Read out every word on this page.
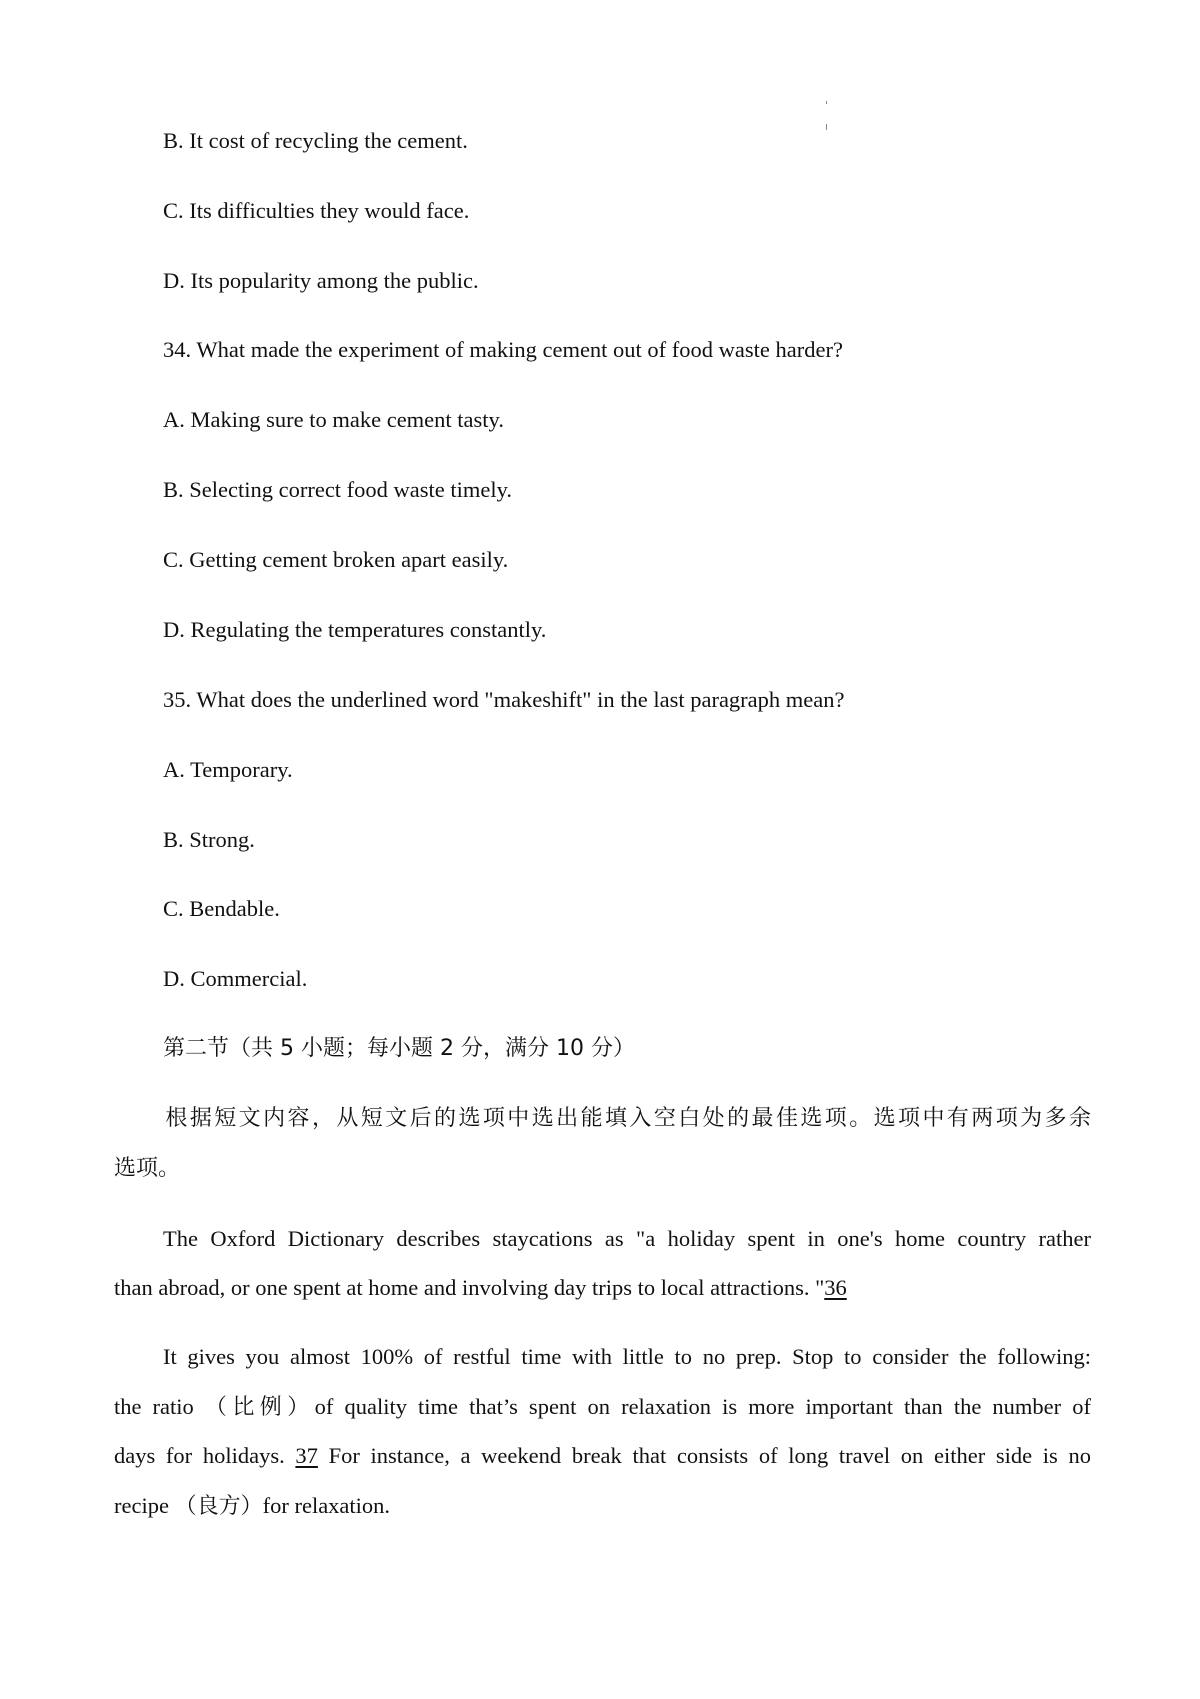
B. It cost of recycling the cement.
C. Its difficulties they would face.
D. Its popularity among the public.
34. What made the experiment of making cement out of food waste harder?
A. Making sure to make cement tasty.
B. Selecting correct food waste timely.
C. Getting cement broken apart easily.
D. Regulating the temperatures constantly.
35. What does the underlined word "makeshift" in the last paragraph mean?
A. Temporary.
B. Strong.
C. Bendable.
D. Commercial.
第二节（共 5 小题；每小题 2 分，满分 10 分）
根据短文内容，从短文后的选项中选出能填入空白处的最佳选项。选项中有两项为多余
选项。
The Oxford Dictionary describes staycations as "a holiday spent in one's home country rather
than abroad, or one spent at home and involving day trips to local attractions. "36
It gives you almost 100% of restful time with little to no prep. Stop to consider the following:
the ratio （比例）of quality time that’s spent on relaxation is more important than the number of
days for holidays. 37 For instance, a weekend break that consists of long travel on either side is no
recipe （良方）for relaxation.
